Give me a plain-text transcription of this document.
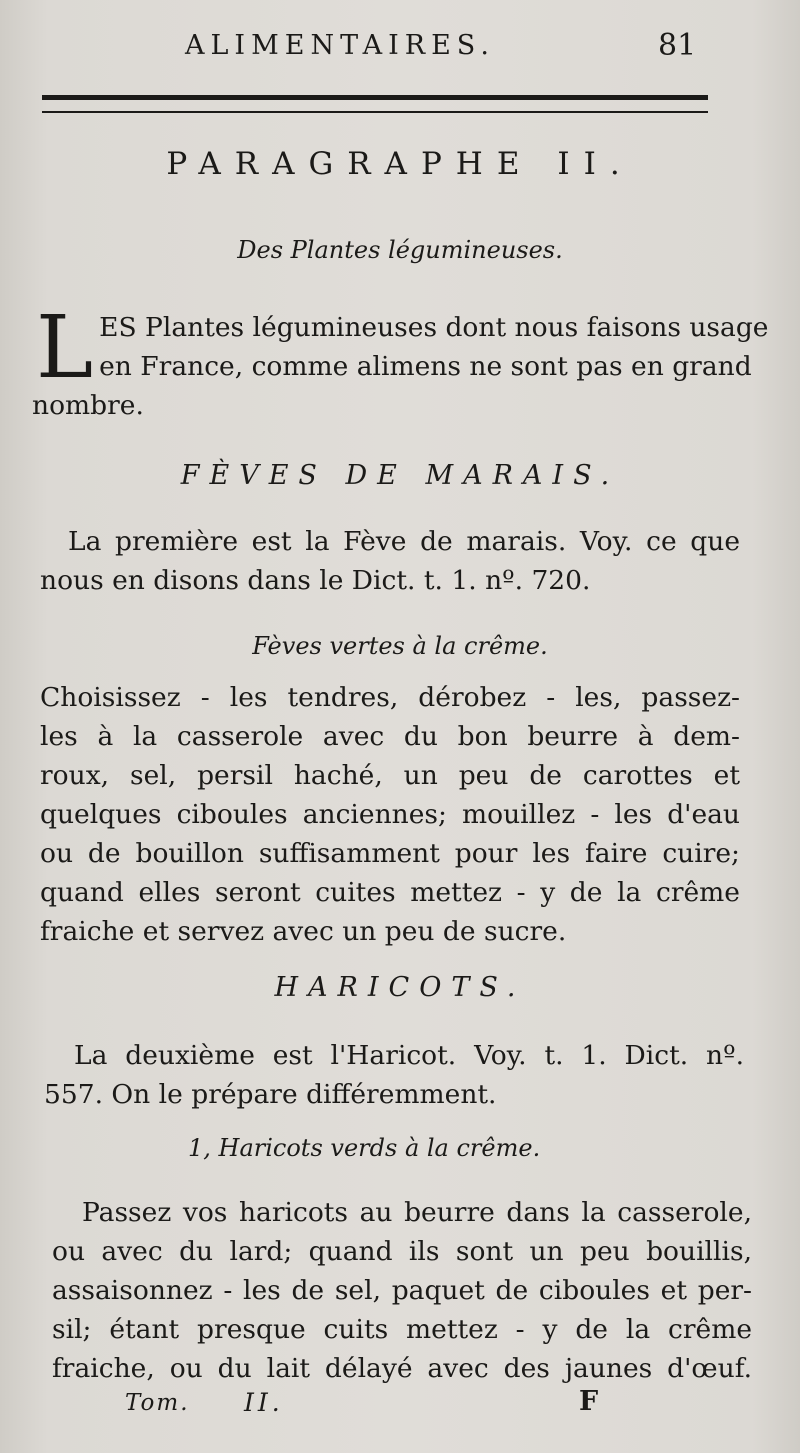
ALIMENTAIRES.	81
PARAGRAPHE II.
Des Plantes légumineuses.
L ES Plantes légumineuses dont nous faisons usage
en France, comme alimens ne sont pas en grand
nombre.
FÈVES DE MARAIS.
La première est la Fève de marais. Voy. ce que
nous en disons dans le Dict. t. 1. nº. 720.
Fèves vertes à la crême.
Choisissez - les tendres, dérobez - les, passez-
les à la casserole avec du bon beurre à dem-
roux, sel, persil haché, un peu de carottes et
quelques ciboules anciennes; mouillez - les d'eau
ou de bouillon suffisamment pour les faire cuire;
quand elles seront cuites mettez - y de la crême
fraiche et servez avec un peu de sucre.
HARICOTS.
La deuxième est l'Haricot. Voy. t. 1. Dict. nº.
557. On le prépare différemment.
1, Haricots verds à la crême.
Passez vos haricots au beurre dans la casserole,
ou avec du lard; quand ils sont un peu bouillis,
assaisonnez - les de sel, paquet de ciboules et per-
sil; étant presque cuits mettez - y de la crême
fraiche, ou du lait délayé avec des jaunes d'œuf.
Tom. II.	F
